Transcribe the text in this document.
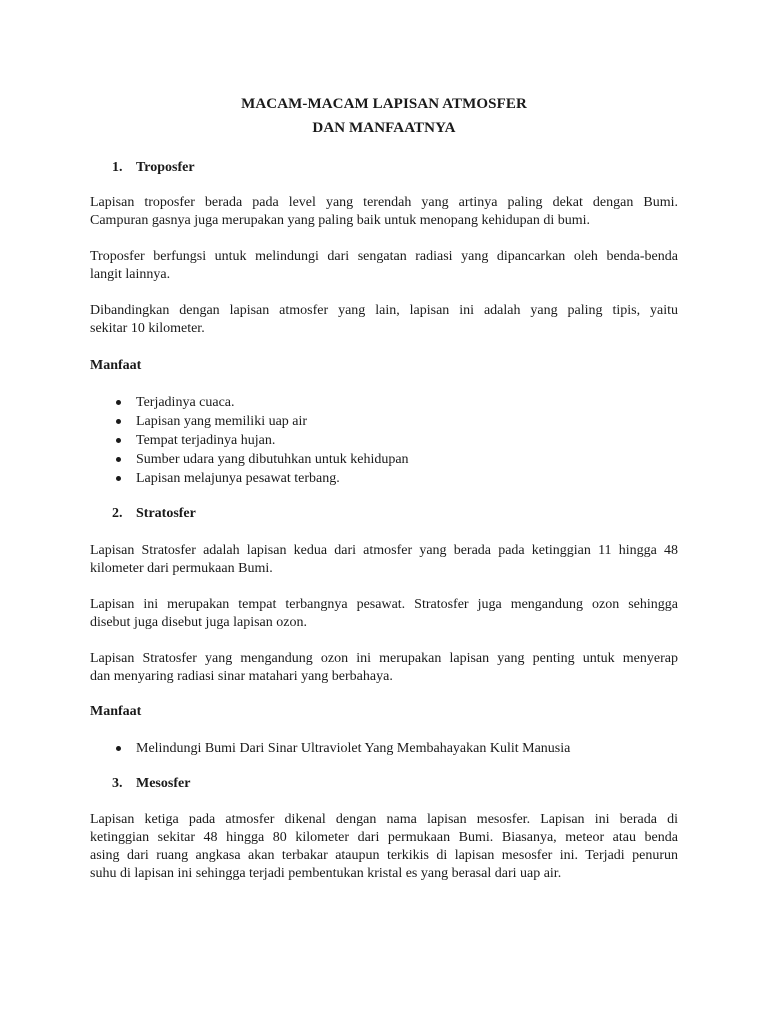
MACAM-MACAM LAPISAN ATMOSFER
DAN MANFAATNYA
1. Troposfer
Lapisan troposfer berada pada level yang terendah yang artinya paling dekat dengan Bumi.
Campuran gasnya juga merupakan yang paling baik untuk menopang kehidupan di bumi.
Troposfer berfungsi untuk melindungi dari sengatan radiasi yang dipancarkan oleh benda-benda
langit lainnya.
Dibandingkan dengan lapisan atmosfer yang lain, lapisan ini adalah yang paling tipis, yaitu
sekitar 10 kilometer.
Manfaat
Terjadinya cuaca.
Lapisan yang memiliki uap air
Tempat terjadinya hujan.
Sumber udara yang dibutuhkan untuk kehidupan
Lapisan melajunya pesawat terbang.
2. Stratosfer
Lapisan Stratosfer adalah lapisan kedua dari atmosfer yang berada pada ketinggian 11 hingga 48
kilometer dari permukaan Bumi.
Lapisan ini merupakan tempat terbangnya pesawat. Stratosfer juga mengandung ozon sehingga
disebut juga disebut juga lapisan ozon.
Lapisan Stratosfer yang mengandung ozon ini merupakan lapisan yang penting untuk menyerap
dan menyaring radiasi sinar matahari yang berbahaya.
Manfaat
Melindungi Bumi Dari Sinar Ultraviolet Yang Membahayakan Kulit Manusia
3. Mesosfer
Lapisan ketiga pada atmosfer dikenal dengan nama lapisan mesosfer. Lapisan ini berada di
ketinggian sekitar 48 hingga 80 kilometer dari permukaan Bumi. Biasanya, meteor atau benda
asing dari ruang angkasa akan terbakar ataupun terkikis di lapisan mesosfer ini. Terjadi penurun
suhu di lapisan ini sehingga terjadi pembentukan kristal es yang berasal dari uap air.
